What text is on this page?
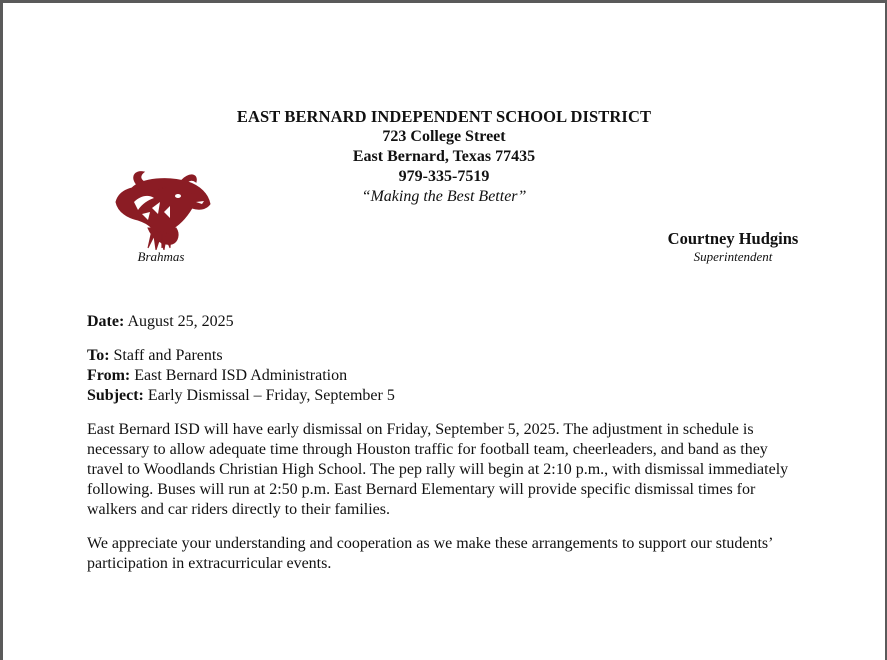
EAST BERNARD INDEPENDENT SCHOOL DISTRICT
723 College Street
East Bernard, Texas 77435
979-335-7519
“Making the Best Better”
Brahmas
Courtney Hudgins
Superintendent
Date: August 25, 2025
To: Staff and Parents
From: East Bernard ISD Administration
Subject: Early Dismissal – Friday, September 5
East Bernard ISD will have early dismissal on Friday, September 5, 2025. The adjustment in schedule is necessary to allow adequate time through Houston traffic for football team, cheerleaders, and band as they travel to Woodlands Christian High School. The pep rally will begin at 2:10 p.m., with dismissal immediately following. Buses will run at 2:50 p.m. East Bernard Elementary will provide specific dismissal times for walkers and car riders directly to their families.
We appreciate your understanding and cooperation as we make these arrangements to support our students’ participation in extracurricular events.
